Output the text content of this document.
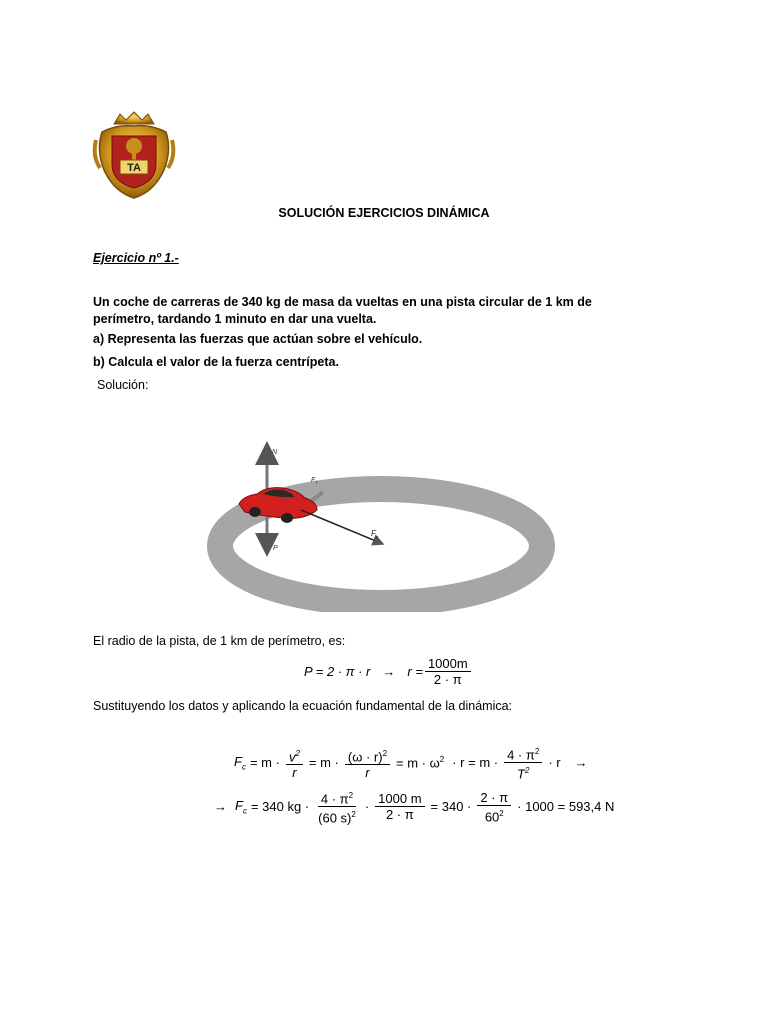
TA
SOLUCIÓN EJERCICIOS DINÁMICA
Ejercicio nº 1.-
Un coche de carreras de 340 kg de masa da vueltas en una pista circular de 1 km de perímetro, tardando 1 minuto en dar una vuelta.
a) Representa las fuerzas que actúan sobre el vehículo.
b) Calcula el valor de la fuerza centrípeta.
Solución:
N
P
F r
F c
El radio de la pista, de 1 km de perímetro, es:
$P = 2 \cdot \pi \cdot r \to r = \frac{1000m}{2 \cdot \pi}$
Sustituyendo los datos y aplicando la ecuación fundamental de la dinámica:
$F_c = m \cdot \frac{v^2}{r} = m \cdot \frac{(\omega \cdot r)^2}{r} = m \cdot \omega^2 \cdot r = m \cdot \frac{4 \cdot \pi^2}{T^2} \cdot r$ →
→ $F_c = 340$ kg · $\frac{4 \cdot \pi^2}{(60 s)^2} \cdot \frac{1000 m}{2 \cdot \pi} = 340 \cdot \frac{2 \cdot \pi}{60^2} \cdot 1000 = 593,4$ N
